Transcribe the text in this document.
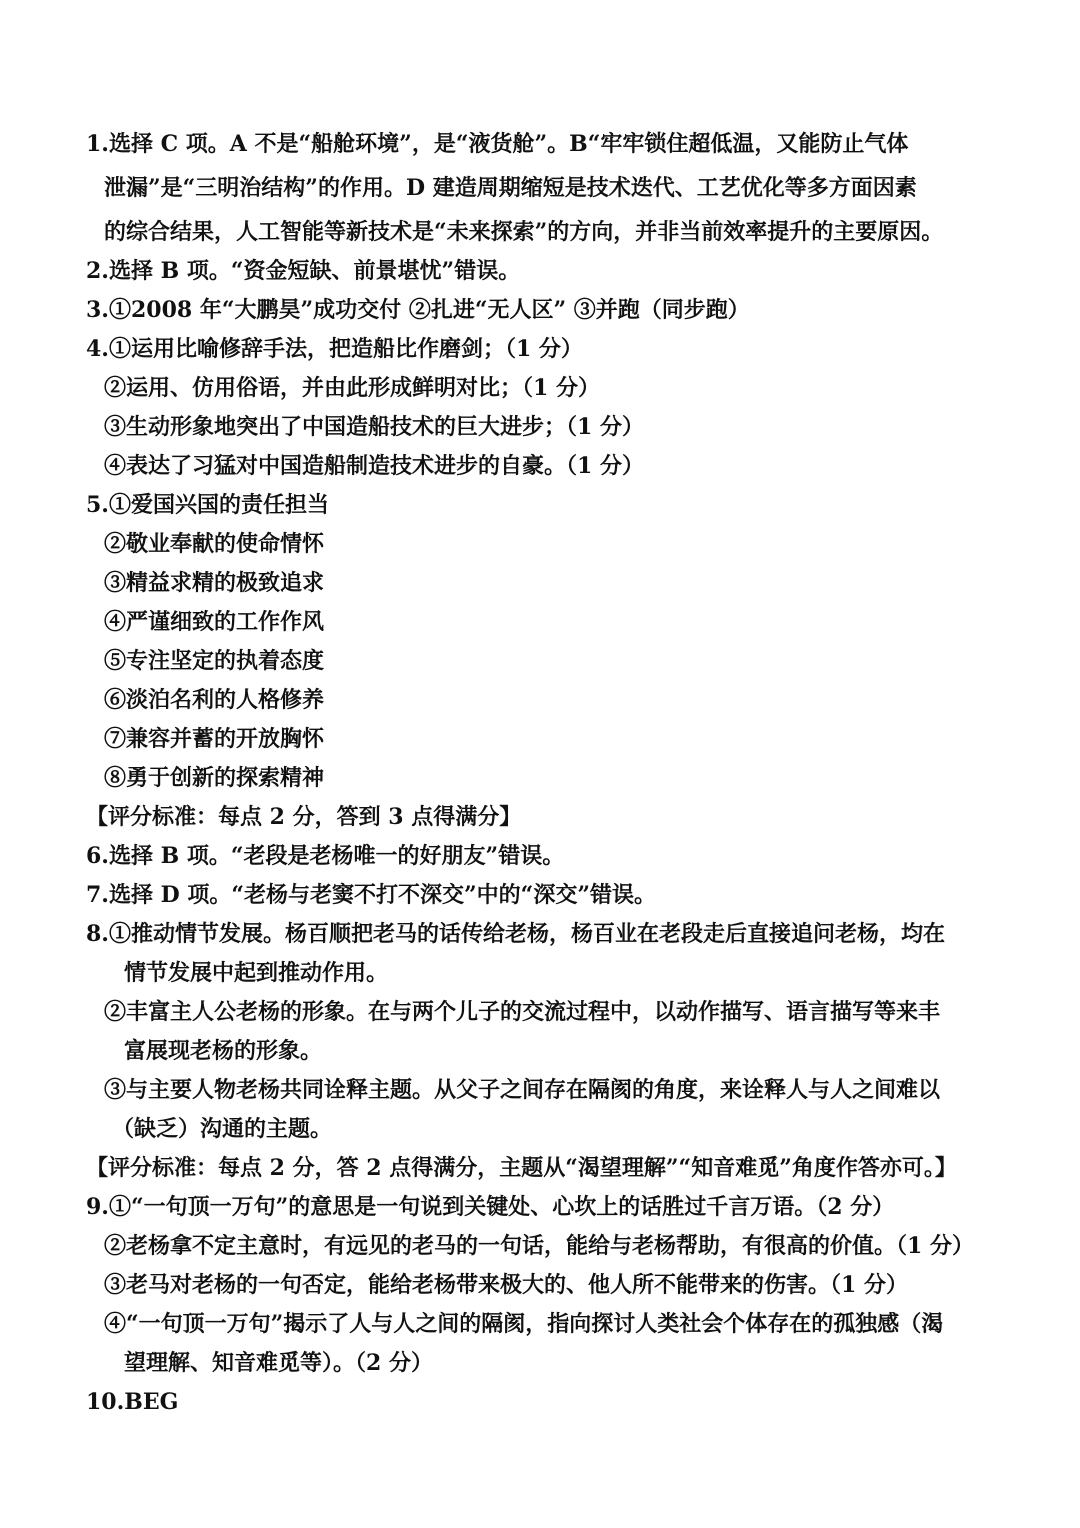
1.选择 C 项。A 不是“船舱环境”，是“液货舱”。B“牢牢锁住超低温，又能防止气体
泄漏”是“三明治结构”的作用。D 建造周期缩短是技术迭代、工艺优化等多方面因素
的综合结果，人工智能等新技术是“未来探索”的方向，并非当前效率提升的主要原因。
2.选择 B 项。“资金短缺、前景堪忧”错误。
3.①2008 年“大鹏昊”成功交付 ②扎进“无人区” ③并跑（同步跑）
4.①运用比喻修辞手法，把造船比作磨剑；（1 分）
②运用、仿用俗语，并由此形成鲜明对比；（1 分）
③生动形象地突出了中国造船技术的巨大进步；（1 分）
④表达了习猛对中国造船制造技术进步的自豪。（1 分）
5.①爱国兴国的责任担当
②敬业奉献的使命情怀
③精益求精的极致追求
④严谨细致的工作作风
⑤专注坚定的执着态度
⑥淡泊名利的人格修养
⑦兼容并蓄的开放胸怀
⑧勇于创新的探索精神
【评分标准：每点 2 分，答到 3 点得满分】
6.选择 B 项。“老段是老杨唯一的好朋友”错误。
7.选择 D 项。“老杨与老窦不打不深交”中的“深交”错误。
8.①推动情节发展。杨百顺把老马的话传给老杨，杨百业在老段走后直接追问老杨，均在
情节发展中起到推动作用。
②丰富主人公老杨的形象。在与两个儿子的交流过程中，以动作描写、语言描写等来丰
富展现老杨的形象。
③与主要人物老杨共同诠释主题。从父子之间存在隔阂的角度，来诠释人与人之间难以
（缺乏）沟通的主题。
【评分标准：每点 2 分，答 2 点得满分，主题从“渴望理解”“知音难觅”角度作答亦可。】
9.①“一句顶一万句”的意思是一句说到关键处、心坎上的话胜过千言万语。（2 分）
②老杨拿不定主意时，有远见的老马的一句话，能给与老杨帮助，有很高的价值。（1 分）
③老马对老杨的一句否定，能给老杨带来极大的、他人所不能带来的伤害。（1 分）
④“一句顶一万句”揭示了人与人之间的隔阂，指向探讨人类社会个体存在的孤独感（渴
望理解、知音难觅等）。（2 分）
10.BEG
